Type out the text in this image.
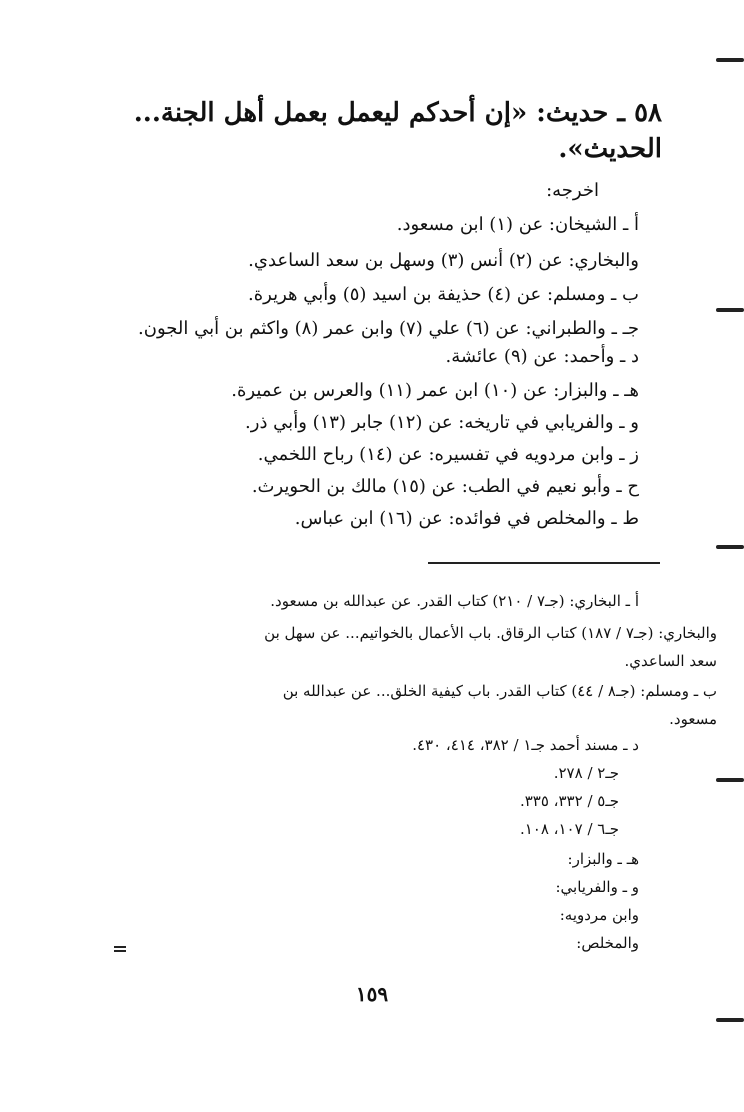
٥٨ ـ حديث: «إن أحدكم ليعمل بعمل أهل الجنة...
الحديث».
اخرجه:
أ ـ الشيخان: عن (١) ابن مسعود.
والبخاري: عن (٢) أنس (٣) وسهل بن سعد الساعدي.
ب ـ ومسلم: عن (٤) حذيفة بن اسيد (٥) وأبي هريرة.
جـ ـ والطبراني: عن (٦) علي (٧) وابن عمر (٨) واكثم بن أبي الجون.
د ـ وأحمد: عن (٩) عائشة.
هـ ـ والبزار: عن (١٠) ابن عمر (١١) والعرس بن عميرة.
و ـ والفريابي في تاريخه: عن (١٢) جابر (١٣) وأبي ذر.
ز ـ وابن مردويه في تفسيره: عن (١٤) رباح اللخمي.
ح ـ وأبو نعيم في الطب: عن (١٥) مالك بن الحويرث.
ط ـ والمخلص في فوائده: عن (١٦) ابن عباس.
أ ـ البخاري: (جـ٧ / ٢١٠) كتاب القدر. عن عبدالله بن مسعود.
والبخاري: (جـ٧ / ١٨٧) كتاب الرقاق. باب الأعمال بالخواتيم... عن سهل بن
سعد الساعدي.
ب ـ ومسلم: (جـ٨ / ٤٤) كتاب القدر. باب كيفية الخلق... عن عبدالله بن
مسعود.
د ـ مسند أحمد جـ١ / ٣٨٢، ٤١٤، ٤٣٠.
جـ٢ / ٢٧٨.
جـ٥ / ٣٣٢، ٣٣٥.
جـ٦ / ١٠٧، ١٠٨.
هـ ـ والبزار:
و ـ والفريابي:
وابن مردويه:
والمخلص:
١٥٩
